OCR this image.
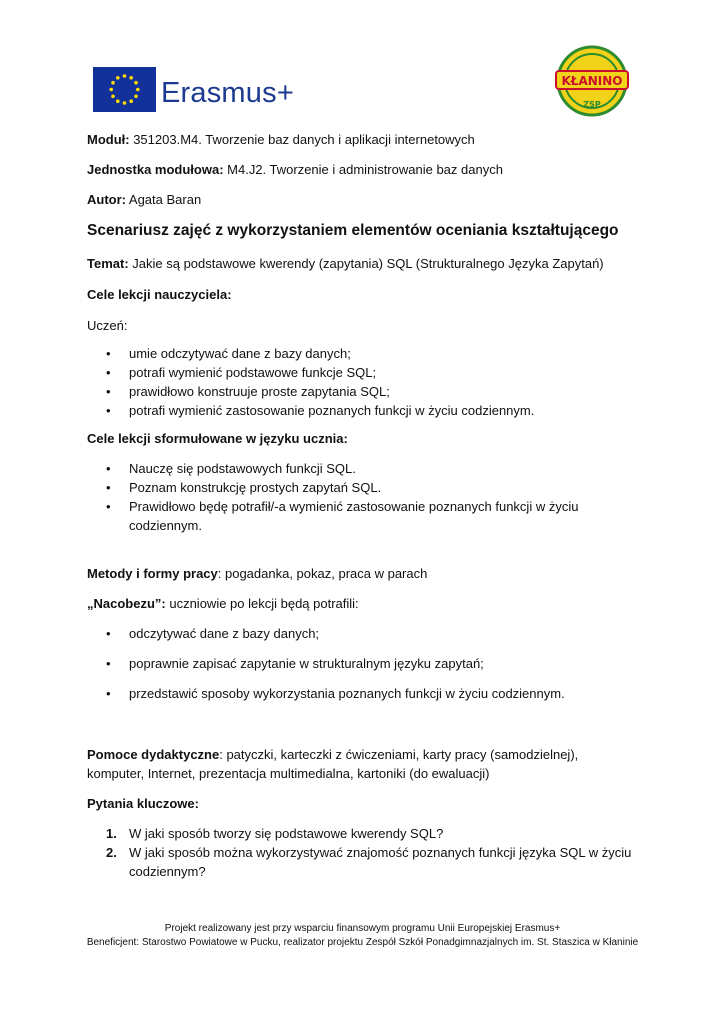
Erasmus+	KŁANINO
ZSP
Moduł: 351203.M4. Tworzenie baz danych i aplikacji internetowych
Jednostka modułowa: M4.J2. Tworzenie i administrowanie baz danych
Autor: Agata Baran
Scenariusz zajęć z wykorzystaniem elementów oceniania kształtującego
Temat: Jakie są podstawowe kwerendy (zapytania) SQL (Strukturalnego Języka Zapytań)
Cele lekcji nauczyciela:
Uczeń:
• umie odczytywać dane z bazy danych;
• potrafi wymienić podstawowe funkcje SQL;
• prawidłowo konstruuje proste zapytania SQL;
• potrafi wymienić zastosowanie poznanych funkcji w życiu codziennym.
Cele lekcji sformułowane w języku ucznia:
• Nauczę się podstawowych funkcji SQL.
• Poznam konstrukcję prostych zapytań SQL.
• Prawidłowo będę potrafił/-a wymienić zastosowanie poznanych funkcji w życiu
codziennym.
Metody i formy pracy: pogadanka, pokaz, praca w parach
„Nacobezu”: uczniowie po lekcji będą potrafili:
• odczytywać dane z bazy danych;
• poprawnie zapisać zapytanie w strukturalnym języku zapytań;
• przedstawić sposoby wykorzystania poznanych funkcji w życiu codziennym.
Pomoce dydaktyczne: patyczki, karteczki z ćwiczeniami, karty pracy (samodzielnej),
komputer, Internet, prezentacja multimedialna, kartoniki (do ewaluacji)
Pytania kluczowe:
1. W jaki sposób tworzy się podstawowe kwerendy SQL?
2. W jaki sposób można wykorzystywać znajomość poznanych funkcji języka SQL w życiu
codziennym?
Projekt realizowany jest przy wsparciu finansowym programu Unii Europejskiej Erasmus+
Beneficjent: Starostwo Powiatowe w Pucku, realizator projektu Zespół Szkół Ponadgimnazjalnych im. St. Staszica w Kłaninie
